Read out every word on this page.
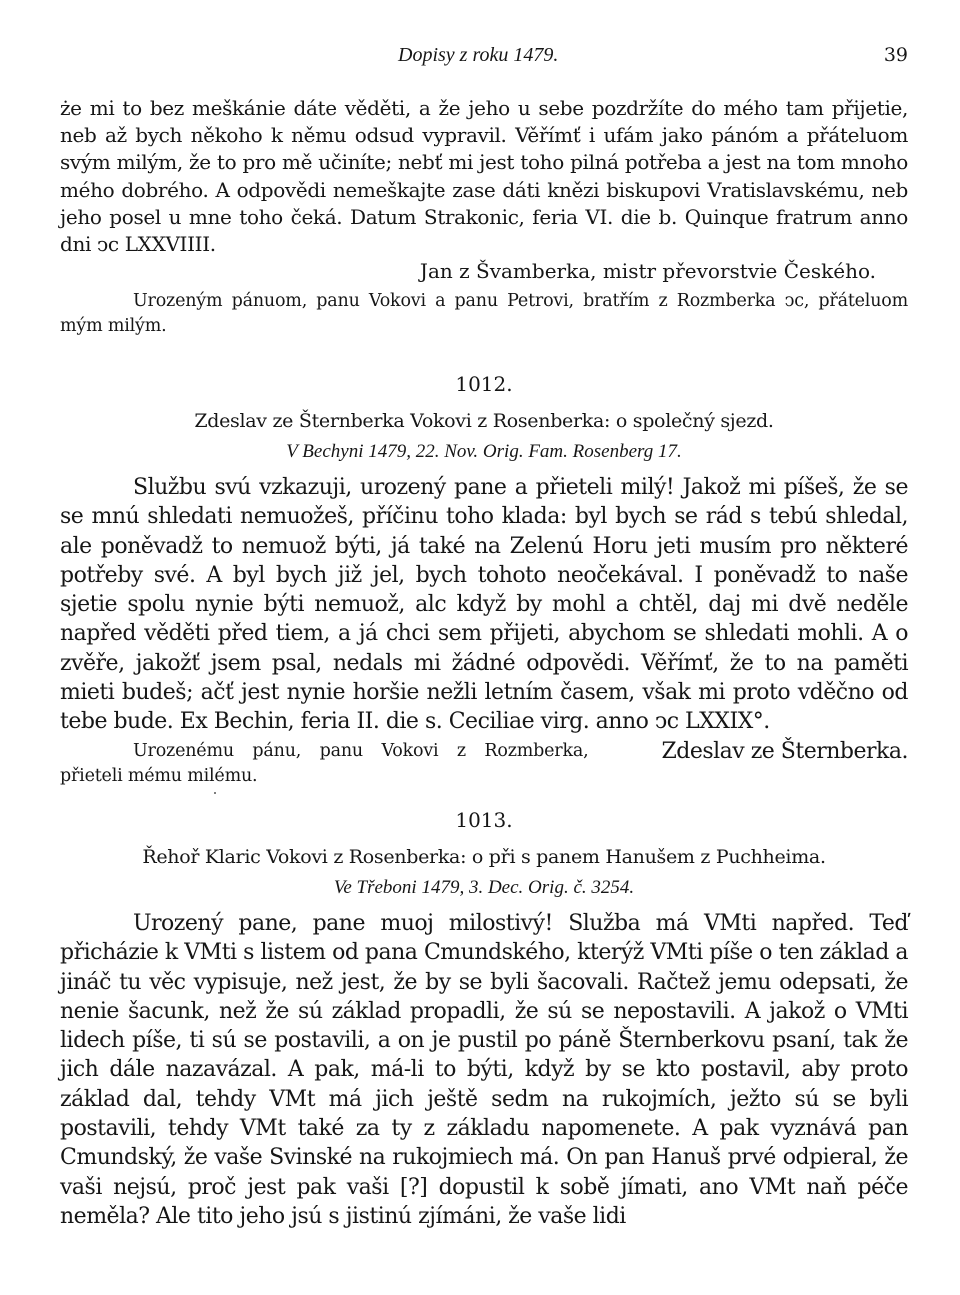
Dopisy z roku 1479.	39

że mi to bez meškánie dáte věděti, a že jeho u sebe pozdržíte do mého tam přijetie, neb až bych někoho k němu odsud vypravil. Věřímť i ufám jako pánóm a přáteluom svým milým, že to pro mě učiníte; nebť mi jest toho pilná potřeba a jest na tom mnoho mého dobrého. A odpovědi nemeškajte zase dáti knězi biskupovi Vratislavskému, neb jeho posel u mne toho čeká. Datum Strakonic, feria VI. die b. Quinque fratrum anno dni ↄc LXXVIIII.

Jan z Švamberka, mistr převorstvie Českého.

Urozeným pánuom, panu Vokovi a panu Petrovi, bratřím z Rozmberka ↄc, přáteluom mým milým.

1012.
Zdeslav ze Šternberka Vokovi z Rosenberka: o společný sjezd.
V Bechyni 1479, 22. Nov. Orig. Fam. Rosenberg 17.

Službu svú vzkazuji, urozený pane a přieteli milý! Jakož mi píšeš, že se se mnú shledati nemuožeš, příčinu toho klada: byl bych se rád s tebú shledal, ale poněvadž to nemuož býti, já také na Zelenú Horu jeti musím pro některé potřeby své. A byl bych již jel, bych tohoto neočekával. I poněvadž to naše sjetie spolu nynie býti nemuož, alc když by mohl a chtěl, daj mi dvě neděle napřed věděti před tiem, a já chci sem přijeti, abychom se shledati mohli. A o zvěře, jakožť jsem psal, nedals mi žádné odpovědi. Věřímť, že to na paměti mieti budeš; ačť jest nynie horšie nežli letním časem, však mi proto vděčno od tebe bude. Ex Bechin, feria II. die s. Ceciliae virg. anno ↄc LXXIX°.
Zdeslav ze Šternberka.

Urozenému pánu, panu Vokovi z Rozmberka, přieteli mému milému.

1013.
Řehoř Klaric Vokovi z Rosenberka: o při s panem Hanušem z Puchheima.
Ve Třeboni 1479, 3. Dec. Orig. č. 3254.

Urozený pane, pane muoj milostivý! Služba má VMti napřed. Teď přicházie k VMti s listem od pana Cmundského, kterýž VMti píše o ten základ a jináč tu věc vypisuje, než jest, že by se byli šacovali. Račtež jemu odepsati, že nenie šacunk, než že sú základ propadli, že sú se nepostavili. A jakož o VMti lidech píše, ti sú se postavili, a on je pustil po páně Šternberkovu psaní, tak že jich dále nazavázal. A pak, má-li to býti, když by se kto postavil, aby proto základ dal, tehdy VMt má jich ještě sedm na rukojmích, ježto sú se byli postavili, tehdy VMt také za ty z základu napomenete. A pak vyznává pan Cmundský, že vaše Svinské na rukojmiech má. On pan Hanuš prvé odpieral, že vaši nejsú, proč jest pak vaši [?] dopustil k sobě jímati, ano VMt naň péče neměla? Ale tito jeho jsú s jistinú zjímáni, že vaše lidi
